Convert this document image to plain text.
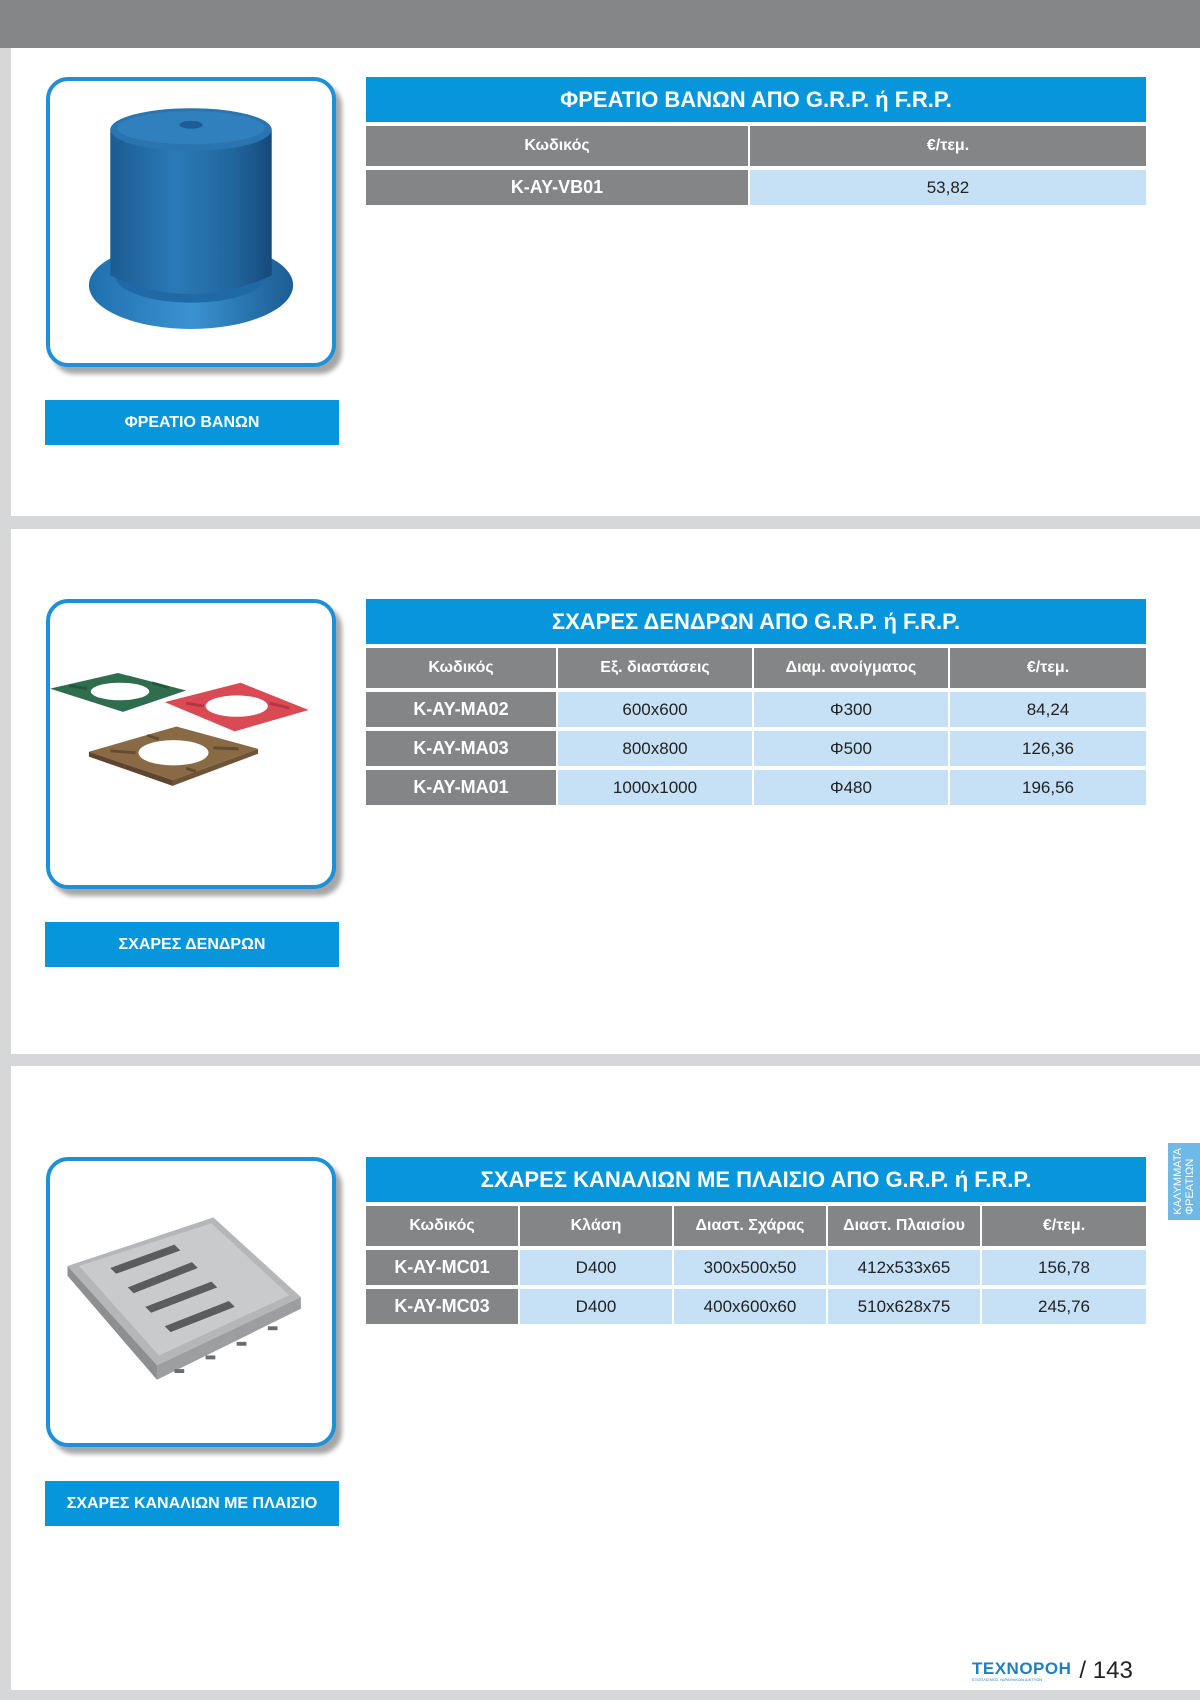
ΦΡΕΑΤΙΟ ΒΑΝΩΝ
ΦΡΕΑΤΙΟ ΒΑΝΩΝ ΑΠΟ G.R.P. ή F.R.P.
Κωδικός	€/τεμ.
K-AY-VB01	53,82
ΣΧΑΡΕΣ ΔΕΝΔΡΩΝ
ΣΧΑΡΕΣ ΔΕΝΔΡΩΝ ΑΠΟ G.R.P. ή F.R.P.
Κωδικός	Εξ. διαστάσεις	Διαμ. ανοίγματος	€/τεμ.
K-AY-MA02	600x600	Φ300	84,24
K-AY-MA03	800x800	Φ500	126,36
K-AY-MA01	1000x1000	Φ480	196,56
ΣΧΑΡΕΣ ΚΑΝΑΛΙΩΝ ΜΕ ΠΛΑΙΣΙΟ
ΣΧΑΡΕΣ ΚΑΝΑΛΙΩΝ ΜΕ ΠΛΑΙΣΙΟ ΑΠΟ G.R.P. ή F.R.P.
Κωδικός	Κλάση	Διαστ. Σχάρας	Διαστ. Πλαισίου	€/τεμ.
K-AY-MC01	D400	300x500x50	412x533x65	156,78
K-AY-MC03	D400	400x600x60	510x628x75	245,76
ΚΑΛΥΜΜΑΤΑ ΦΡΕΑΤΙΩΝ
ΤΕΧΝΟΡΟΗ
ΕΞΟΠΛΙΣΜΟΣ ΥΔΡΑΥΛΙΚΩΝ ΔΙΚΤΥΩΝ / 143
